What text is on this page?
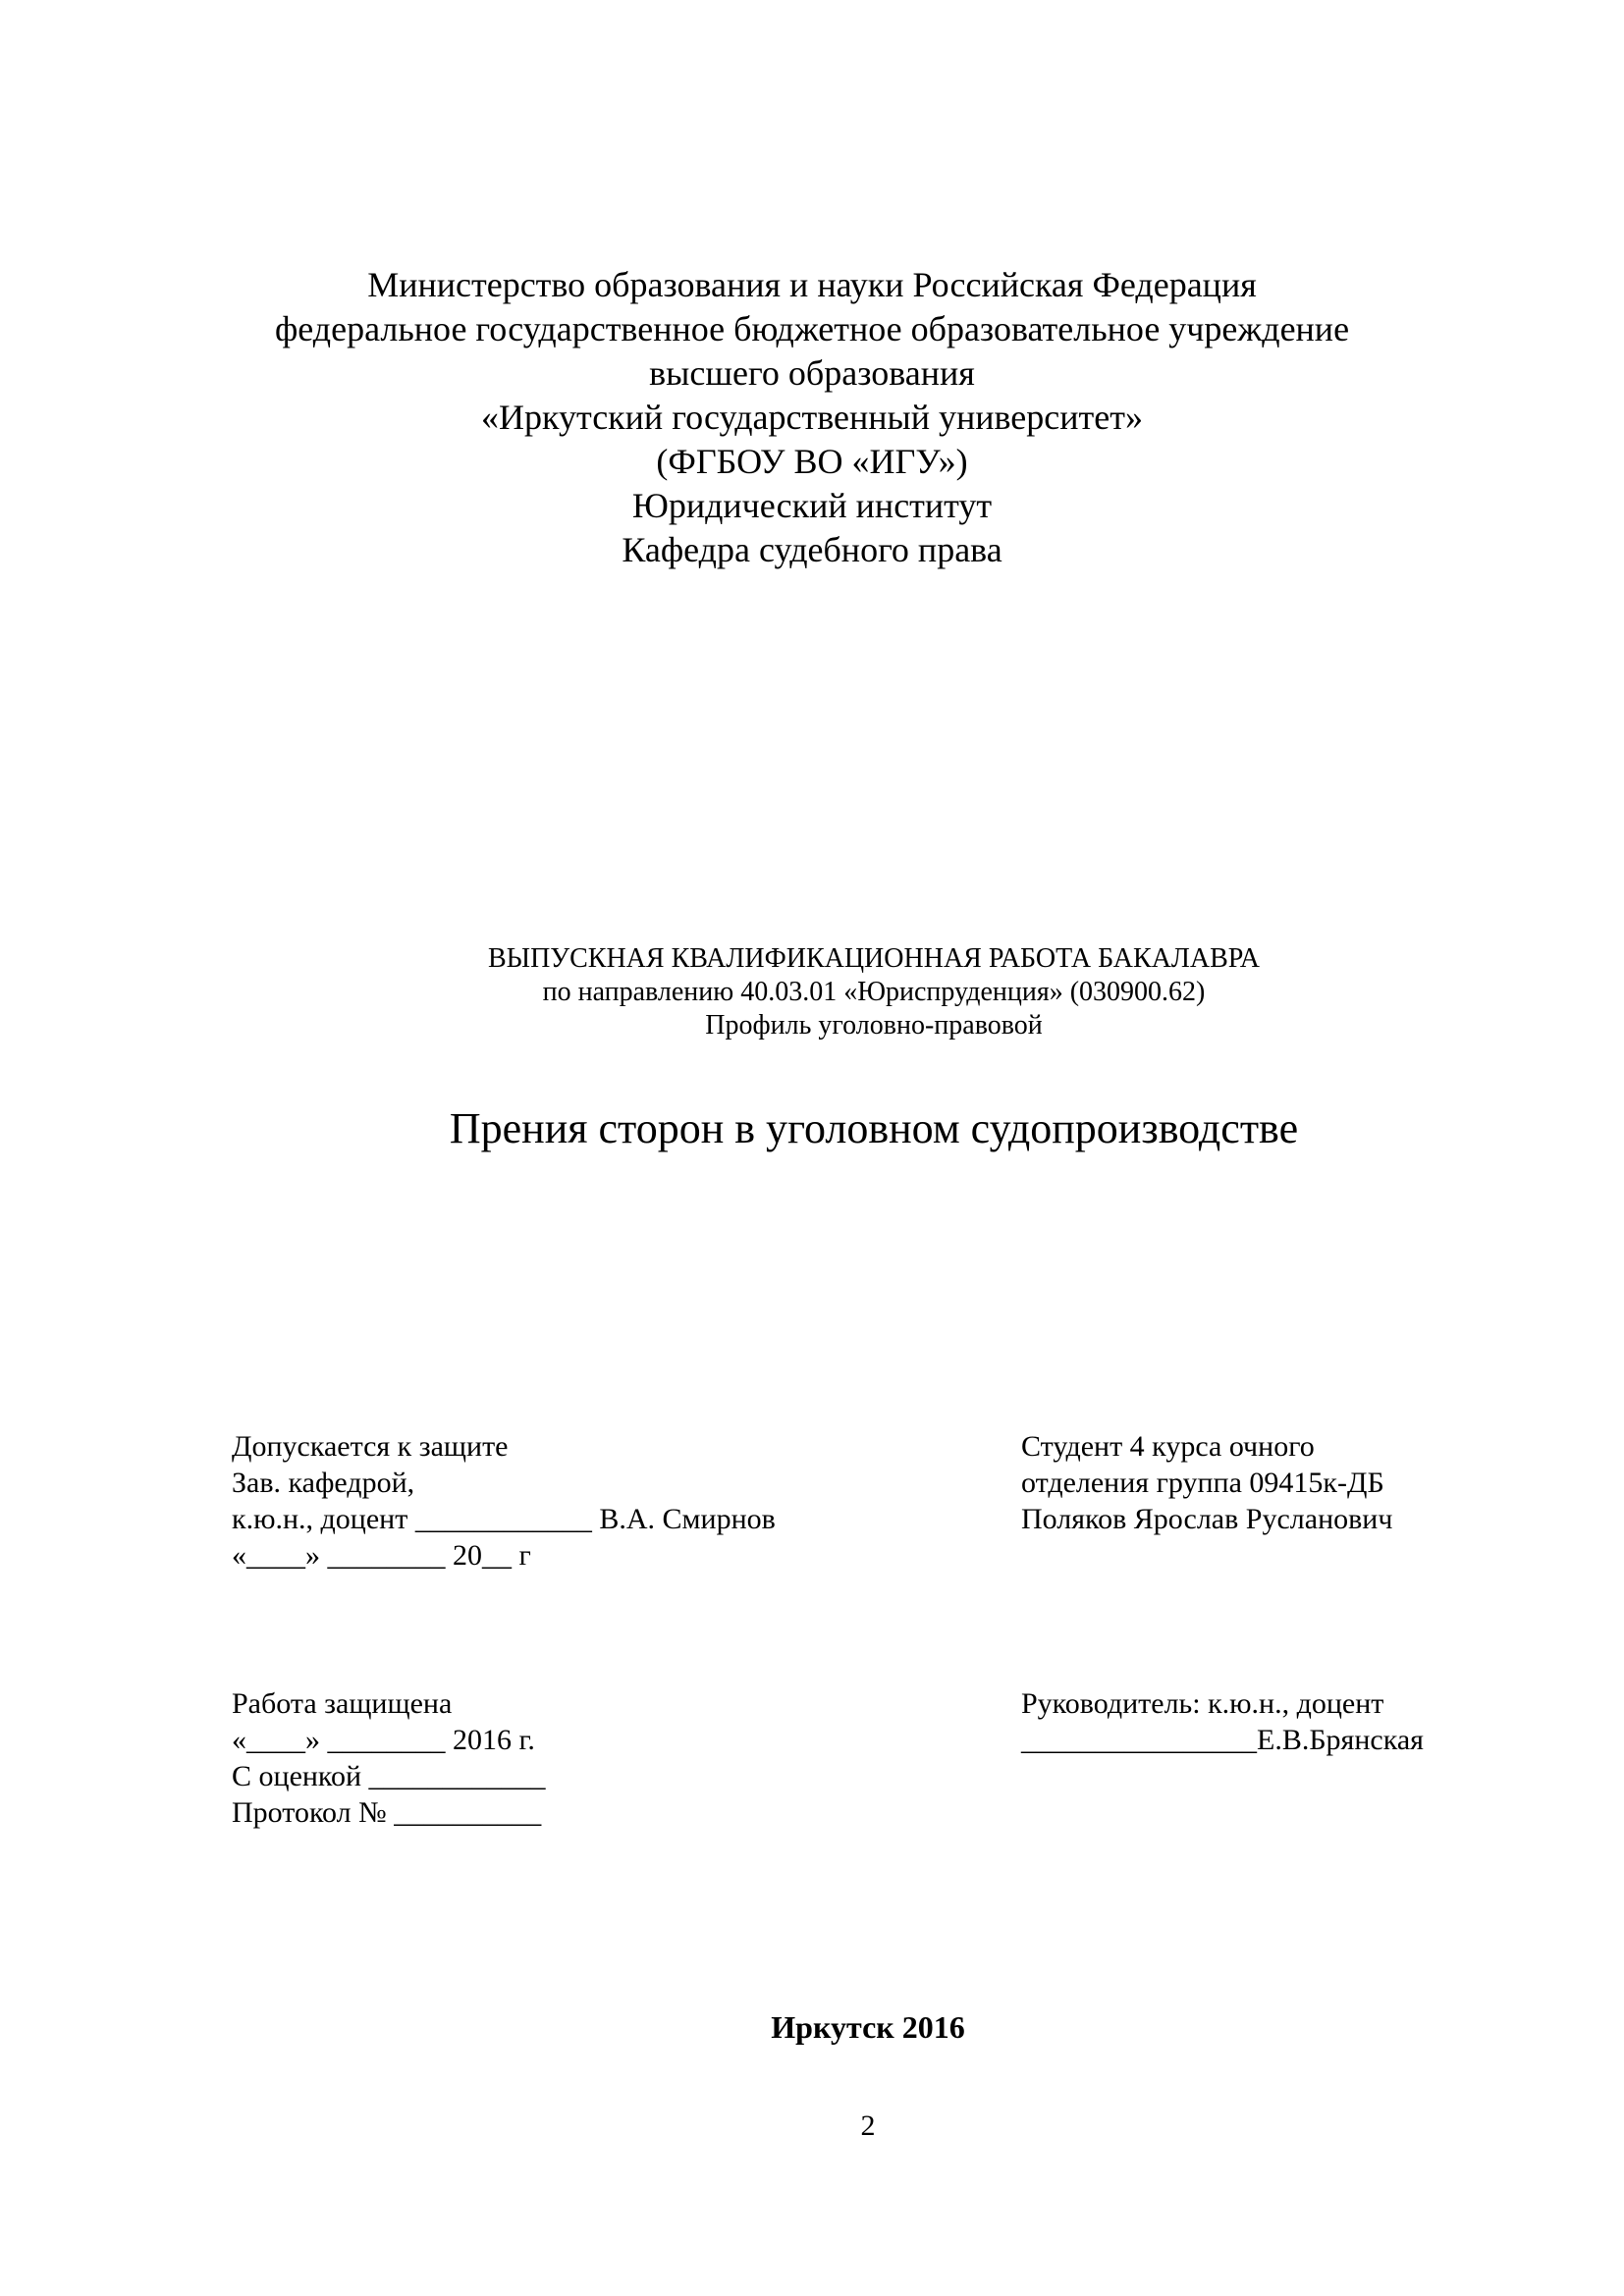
Министерство образования и науки Российская Федерация
федеральное государственное бюджетное образовательное учреждение
высшего образования
«Иркутский государственный университет»
(ФГБОУ ВО «ИГУ»)
Юридический институт
Кафедра судебного права
ВЫПУСКНАЯ КВАЛИФИКАЦИОННАЯ РАБОТА БАКАЛАВРА
по направлению 40.03.01 «Юриспруденция» (030900.62)
Профиль уголовно-правовой
Прения сторон в уголовном судопроизводстве
Допускается к защите
Зав. кафедрой,
к.ю.н., доцент ____________ В.А. Смирнов
«____» ________ 20__ г
Студент 4 курса очного
отделения группа 09415к-ДБ
Поляков Ярослав Русланович
Работа защищена
«____» ________ 2016 г.
С оценкой ____________
Протокол № __________
Руководитель: к.ю.н., доцент
________________Е.В.Брянская
Иркутск 2016
2
